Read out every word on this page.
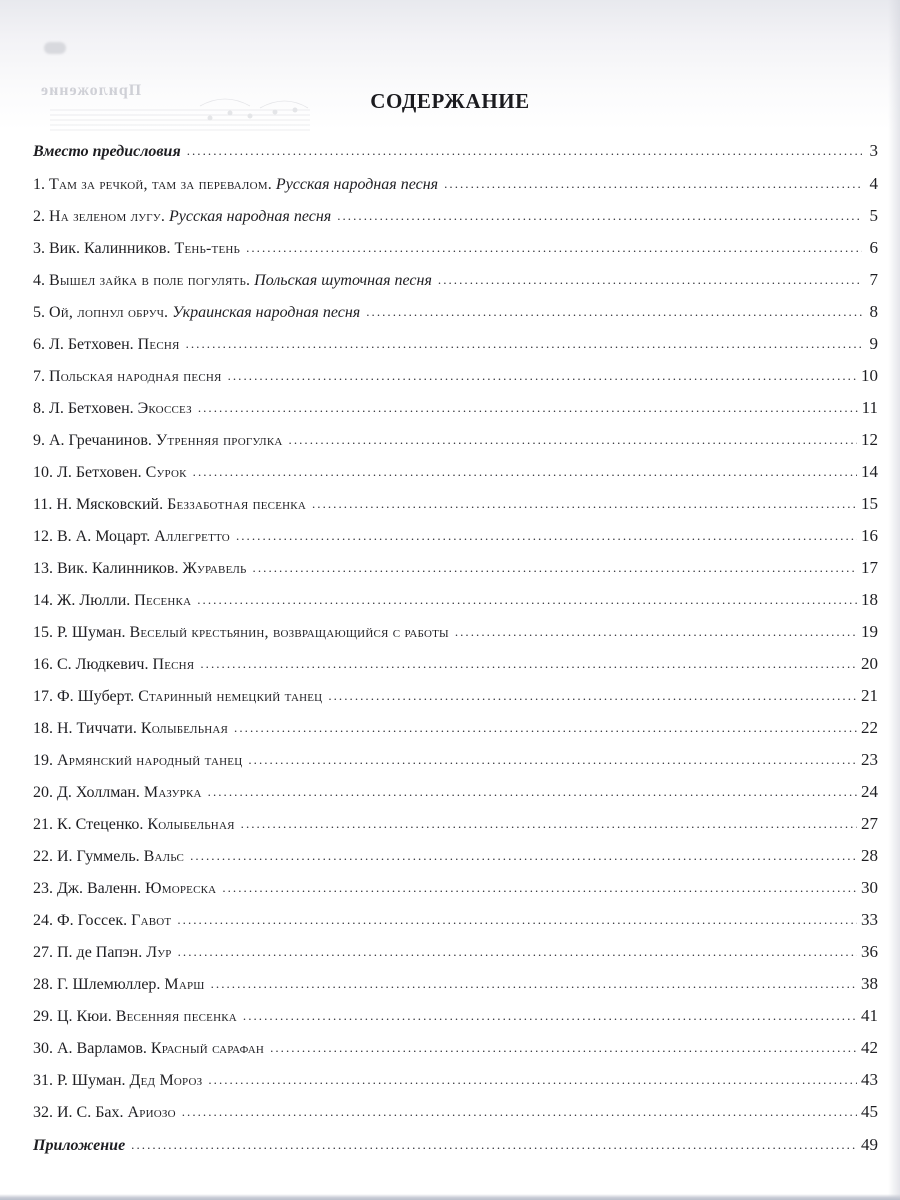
Приложение	СОДЕРЖАНИЕ
Вместо предисловия . . .	3
1. Там за речкой, там за перевалом. Русская народная песня . . .	4
2. На зеленом лугу. Русская народная песня . . .	5
3. Вик. Калинников. Тень-тень . . .	6
4. Вышел зайка в поле погулять. Польская шуточная песня . . .	7
5. Ой, лопнул обруч. Украинская народная песня . . .	8
6. Л. Бетховен. Песня . . .	9
7. Польская народная песня . . .	10
8. Л. Бетховен. Экоссез . . .	11
9. А. Гречанинов. Утренняя прогулка . . .	12
10. Л. Бетховен. Сурок . . .	14
11. Н. Мясковский. Беззаботная песенка . . .	15
12. В. А. Моцарт. Аллегретто . . .	16
13. Вик. Калинников. Журавель . . .	17
14. Ж. Люлли. Песенка . . .	18
15. Р. Шуман. Веселый крестьянин, возвращающийся с работы . . .	19
16. С. Людкевич. Песня . . .	20
17. Ф. Шуберт. Старинный немецкий танец . . .	21
18. Н. Тиччати. Колыбельная . . .	22
19. Армянский народный танец . . .	23
20. Д. Холлман. Мазурка . . .	24
21. К. Стеценко. Колыбельная . . .	27
22. И. Гуммель. Вальс . . .	28
23. Дж. Валенн. Юмореска . . .	30
24. Ф. Госсек. Гавот . . .	33
27. П. де Папэн. Лур . . .	36
28. Г. Шлемюллер. Марш . . .	38
29. Ц. Кюи. Весенняя песенка . . .	41
30. А. Варламов. Красный сарафан . . .	42
31. Р. Шуман. Дед Мороз . . .	43
32. И. С. Бах. Ариозо . . .	45
Приложение . . .	49
